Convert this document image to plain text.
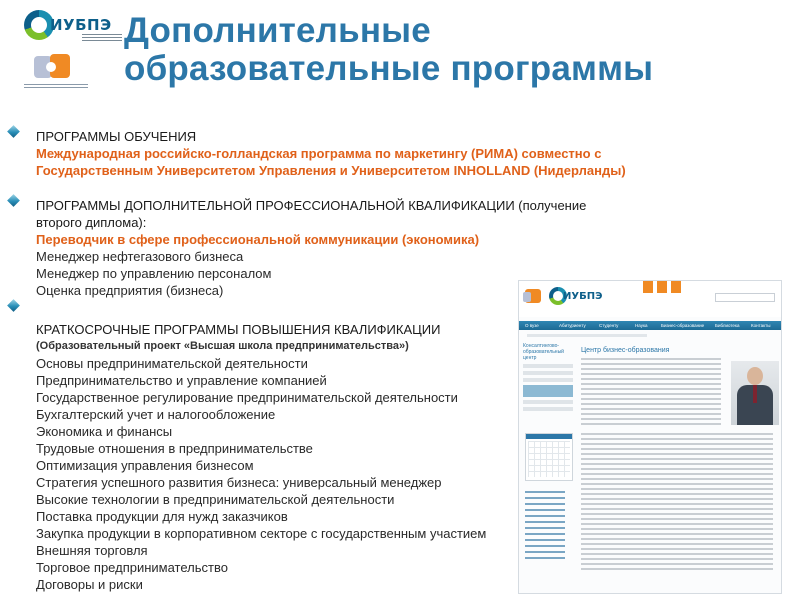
ИУБПЭ Дополнительные
образовательные программы
ПРОГРАММЫ ОБУЧЕНИЯ
Международная российско-голландская программа по маркетингу (РИМА) совместно с
Государственным Университетом Управления и Университетом INHOLLAND (Нидерланды)
ПРОГРАММЫ ДОПОЛНИТЕЛЬНОЙ ПРОФЕССИОНАЛЬНОЙ КВАЛИФИКАЦИИ (получение
второго диплома):
Переводчик в сфере профессиональной коммуникации (экономика)
Менеджер нефтегазового бизнеса
Менеджер по управлению персоналом
Оценка предприятия (бизнеса)
КРАТКОСРОЧНЫЕ ПРОГРАММЫ ПОВЫШЕНИЯ КВАЛИФИКАЦИИ
(Образовательный проект «Высшая школа предпринимательства»)
Основы предпринимательской деятельности
Предпринимательство и управление компанией
Государственное регулирование предпринимательской деятельности
Бухгалтерский учет и налогообложение
Экономика и финансы
Трудовые отношения в предпринимательстве
Оптимизация управления бизнесом
Стратегия успешного развития бизнеса: универсальный менеджер
Высокие технологии в предпринимательской деятельности
Поставка продукции для нужд заказчиков
Закупка продукции в корпоративном секторе с государственным участием
Внешняя торговля
Торговое предпринимательство
Договоры и риски
ИУБПЭ
О вузе	Абитуриенту	Студенту	Наука	Бизнес-образование Библиотека	Контакты
Консалтингово-образовательный центр
Центр бизнес-образования
